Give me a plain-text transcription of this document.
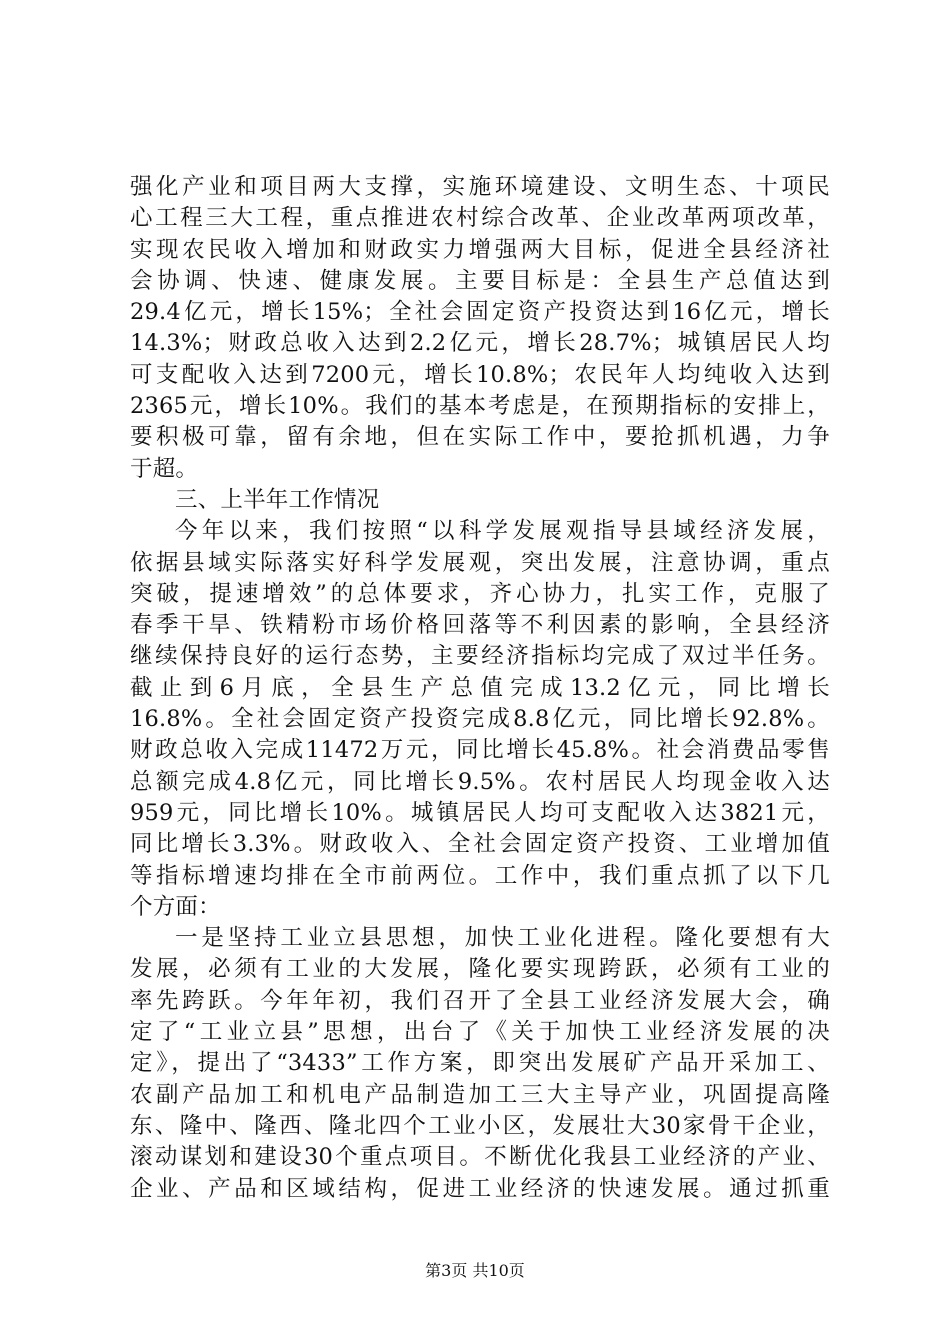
强化产业和项目两大支撑，实施环境建设、文明生态、十项民
心工程三大工程，重点推进农村综合改革、企业改革两项改革，
实现农民收入增加和财政实力增强两大目标，促进全县经济社
会协调、快速、健康发展。主要目标是：全县生产总值达到
29.4亿元，增长15%；全社会固定资产投资达到16亿元，增长
14.3%；财政总收入达到2.2亿元，增长28.7%；城镇居民人均
可支配收入达到7200元，增长10.8%；农民年人均纯收入达到
2365元，增长10%。我们的基本考虑是，在预期指标的安排上，
要积极可靠，留有余地，但在实际工作中，要抢抓机遇，力争
于超。
三、上半年工作情况
今年以来，我们按照“以科学发展观指导县域经济发展，
依据县域实际落实好科学发展观，突出发展，注意协调，重点
突破，提速增效”的总体要求，齐心协力，扎实工作，克服了
春季干旱、铁精粉市场价格回落等不利因素的影响，全县经济
继续保持良好的运行态势，主要经济指标均完成了双过半任务。
截止到6月底，全县生产总值完成13.2亿元，同比增长
16.8%。全社会固定资产投资完成8.8亿元，同比增长92.8%。
财政总收入完成11472万元，同比增长45.8%。社会消费品零售
总额完成4.8亿元，同比增长9.5%。农村居民人均现金收入达
959元，同比增长10%。城镇居民人均可支配收入达3821元，
同比增长3.3%。财政收入、全社会固定资产投资、工业增加值
等指标增速均排在全市前两位。工作中，我们重点抓了以下几
个方面：
一是坚持工业立县思想，加快工业化进程。隆化要想有大
发展，必须有工业的大发展，隆化要实现跨跃，必须有工业的
率先跨跃。今年年初，我们召开了全县工业经济发展大会，确
定了“工业立县”思想，出台了《关于加快工业经济发展的决
定》，提出了“3433”工作方案，即突出发展矿产品开采加工、
农副产品加工和机电产品制造加工三大主导产业，巩固提高隆
东、隆中、隆西、隆北四个工业小区，发展壮大30家骨干企业，
滚动谋划和建设30个重点项目。不断优化我县工业经济的产业、
企业、产品和区域结构，促进工业经济的快速发展。通过抓重
第3页 共10页
